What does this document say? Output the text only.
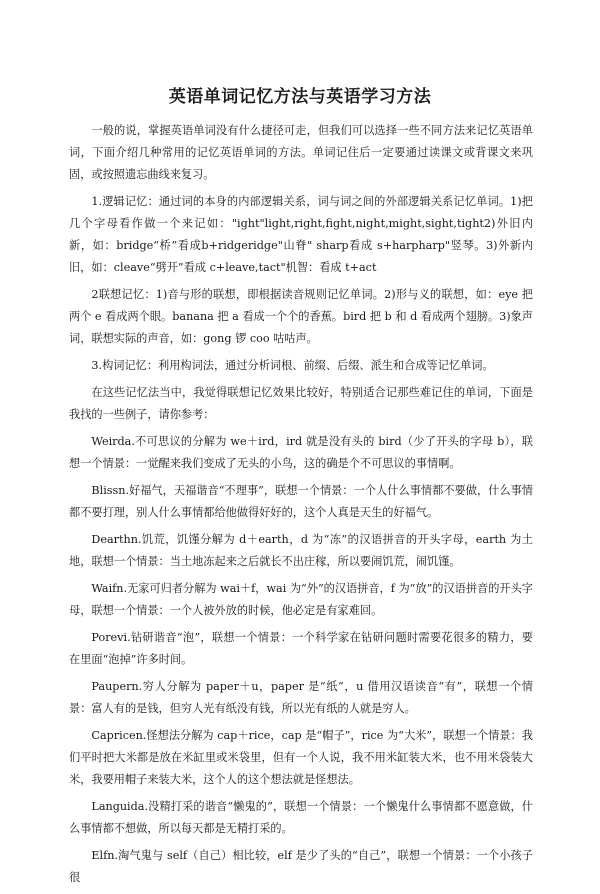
英语单词记忆方法与英语学习方法

一般的说，掌握英语单词没有什么捷径可走，但我们可以选择一些不同方法来记忆英语单词，下面介绍几种常用的记忆英语单词的方法。单词记住后一定要通过读课文或背课文来巩固，或按照遗忘曲线来复习。

1.逻辑记忆：通过词的本身的内部逻辑关系，词与词之间的外部逻辑关系记忆单词。1)把几个字母看作做一个来记如："ight"light,right,fight,night,might,sight,tight2)外旧内新，如：bridge“桥”看成b+ridgeridge"山脊" sharp看成 s+harpharp"竖琴。3)外新内旧，如：cleave“劈开”看成 c+leave,tact"机智：看成 t+act

2联想记忆：1)音与形的联想，即根据读音规则记忆单词。2)形与义的联想，如：eye 把两个 e 看成两个眼。banana 把 a 看成一个个的香蕉。bird 把 b 和 d 看成两个翅膀。3)象声词，联想实际的声音，如：gong 锣 coo 咕咕声。

3.构词记忆：利用构词法，通过分析词根、前缀、后缀、派生和合成等记忆单词。

在这些记忆法当中，我觉得联想记忆效果比较好，特别适合记那些难记住的单词，下面是我找的一些例子，请你参考：

Weirda.不可思议的分解为 we＋ird，ird 就是没有头的 bird（少了开头的字母 b），联想一个情景：一觉醒来我们变成了无头的小鸟，这的确是个不可思议的事情啊。

Blissn.好福气，天福谐音“不理事”，联想一个情景：一个人什么事情都不要做，什么事情都不要打理，别人什么事情都给他做得好好的，这个人真是天生的好福气。

Dearthn.饥荒，饥馑分解为 d＋earth，d 为“冻”的汉语拼音的开头字母，earth 为土地，联想一个情景：当土地冻起来之后就长不出庄稼，所以要闹饥荒，闹饥馑。

Waifn.无家可归者分解为 wai＋f，wai 为“外”的汉语拼音，f 为“放”的汉语拼音的开头字母，联想一个情景：一个人被外放的时候，他必定是有家难回。

Porevi.钻研谐音“泡”，联想一个情景：一个科学家在钻研问题时需要花很多的精力，要在里面“泡掉”许多时间。

Paupern.穷人分解为 paper＋u，paper 是“纸”，u 借用汉语读音“有”，联想一个情景：富人有的是钱，但穷人光有纸没有钱，所以光有纸的人就是穷人。

Capricen.怪想法分解为 cap＋rice，cap 是“帽子”，rice 为“大米”，联想一个情景：我们平时把大米都是放在米缸里或米袋里，但有一个人说，我不用米缸装大米，也不用米袋装大米，我要用帽子来装大米，这个人的这个想法就是怪想法。

Languida.没精打采的谐音“懒鬼的”，联想一个情景：一个懒鬼什么事情都不愿意做，什么事情都不想做，所以每天都是无精打采的。

Elfn.淘气鬼与 self（自己）相比较，elf 是少了头的“自己”，联想一个情景：一个小孩子很
